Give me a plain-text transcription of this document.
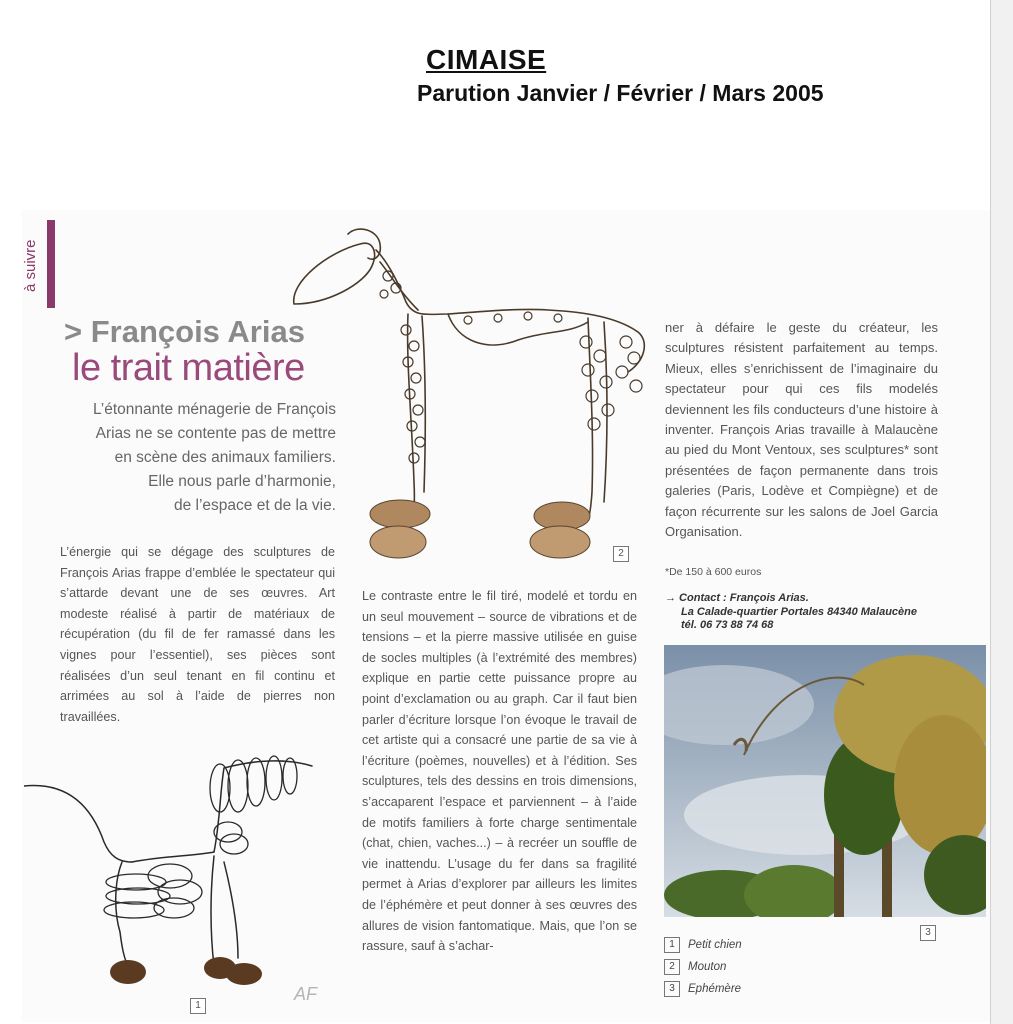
CIMAISE
Parution Janvier / Février / Mars 2005
à suivre
> François Arias
le trait matière

L’étonnante ménagerie de François

Arias ne se contente pas de mettre

en scène des animaux familiers.

Elle nous parle d’harmonie,

de l’espace et de la vie.

2
1
AF

L’énergie qui se dégage des sculptures de François Arias frappe d’emblée le spectateur qui s’attarde devant une de ses œuvres. Art modeste réalisé à partir de matériaux de récupération (du fil de fer ramassé dans les vignes pour l’essentiel), ses pièces sont réalisées d’un seul tenant en fil continu et arrimées au sol à l’aide de pierres non travaillées.

Le contraste entre le fil tiré, modelé et tordu en un seul mouvement – source de vibrations et de tensions – et la pierre massive utilisée en guise de socles multiples (à l’extrémité des membres) explique en partie cette puissance propre au point d’exclamation ou au graph. Car il faut bien parler d’écriture lorsque l’on évoque le travail de cet artiste qui a consacré une partie de sa vie à l’écriture (poèmes, nouvelles) et à l’édition. Ses sculptures, tels des dessins en trois dimensions, s’accaparent l’espace et parviennent – à l’aide de motifs familiers à forte charge sentimentale (chat, chien, vaches...) – à recréer un souffle de vie inattendu. L’usage du fer dans sa fragilité permet à Arias d’explorer par ailleurs les limites de l’éphémère et peut donner à ses œuvres des allures de vision fantomatique. Mais, que l’on se rassure, sauf à s’achar-

ner à défaire le geste du créateur, les sculptures résistent parfaitement au temps. Mieux, elles s’enrichissent de l’imaginaire du spectateur pour qui ces fils modelés deviennent les fils conducteurs d’une histoire à inventer. François Arias travaille à Malaucène au pied du Mont Ventoux, ses sculptures* sont présentées de façon permanente dans trois galeries (Paris, Lodève et Compiègne) et de façon récurrente sur les salons de Joel Garcia Organisation.

*De 150 à 600 euros
→ Contact : François Arias.
La Calade-quartier Portales 84340 Malaucène
tél. 06 73 88 74 68
3
1	Petit chien
2	Mouton
3	Ephémère
